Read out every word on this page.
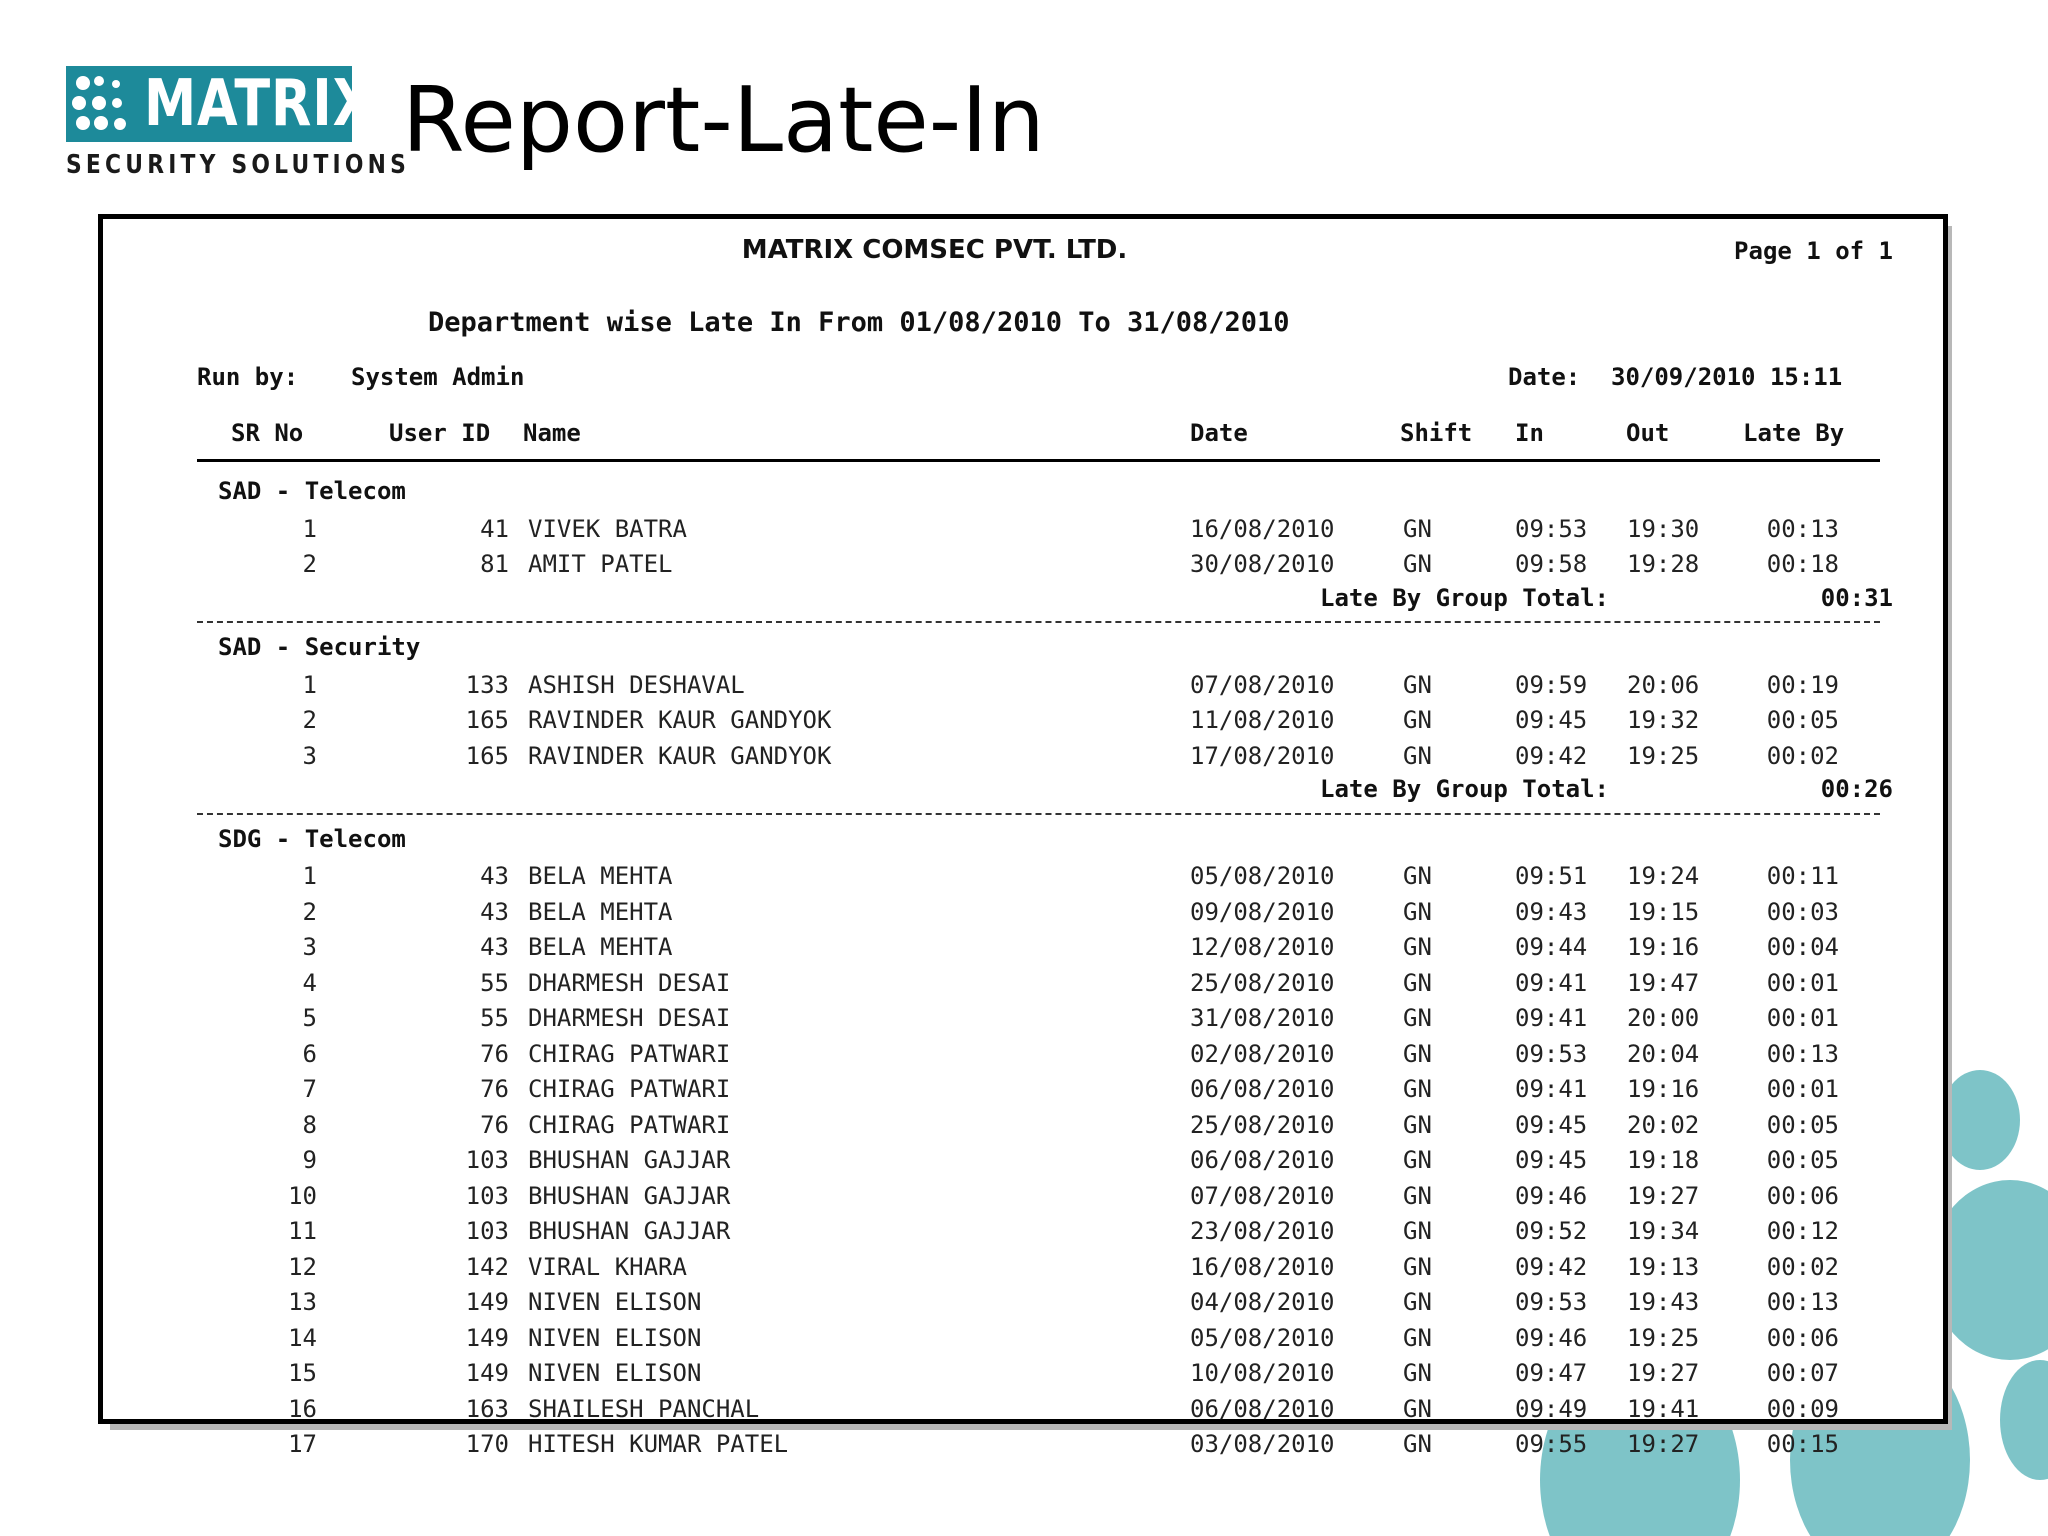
MATRIX
SECURITY SOLUTIONS
Report-Late-In
MATRIX COMSEC PVT. LTD.	Page 1 of 1
Department wise Late In From 01/08/2010 To 31/08/2010
Run by: System Admin	Date: 30/09/2010 15:11
SR No	User ID Name	Date	Shift In	Out	Late By
SAD - Telecom
1	41 VIVEK BATRA	16/08/2010	GN	09:53	19:30	00:13
2	81 AMIT PATEL	30/08/2010	GN	09:58	19:28	00:18
Late By Group Total:	00:31
SAD - Security
1	133 ASHISH DESHAVAL	07/08/2010	GN	09:59	20:06	00:19
2	165 RAVINDER KAUR GANDYOK	11/08/2010	GN	09:45	19:32	00:05
3	165 RAVINDER KAUR GANDYOK	17/08/2010	GN	09:42	19:25	00:02
Late By Group Total:	00:26
SDG - Telecom
1	43 BELA MEHTA	05/08/2010	GN	09:51	19:24	00:11
2	43 BELA MEHTA	09/08/2010	GN	09:43	19:15	00:03
3	43 BELA MEHTA	12/08/2010	GN	09:44	19:16	00:04
4	55 DHARMESH DESAI	25/08/2010	GN	09:41	19:47	00:01
5	55 DHARMESH DESAI	31/08/2010	GN	09:41	20:00	00:01
6	76 CHIRAG PATWARI	02/08/2010	GN	09:53	20:04	00:13
7	76 CHIRAG PATWARI	06/08/2010	GN	09:41	19:16	00:01
8	76 CHIRAG PATWARI	25/08/2010	GN	09:45	20:02	00:05
9	103 BHUSHAN GAJJAR	06/08/2010	GN	09:45	19:18	00:05
10	103 BHUSHAN GAJJAR	07/08/2010	GN	09:46	19:27	00:06
11	103 BHUSHAN GAJJAR	23/08/2010	GN	09:52	19:34	00:12
12	142 VIRAL KHARA	16/08/2010	GN	09:42	19:13	00:02
13	149 NIVEN ELISON	04/08/2010	GN	09:53	19:43	00:13
14	149 NIVEN ELISON	05/08/2010	GN	09:46	19:25	00:06
15	149 NIVEN ELISON	10/08/2010	GN	09:47	19:27	00:07
16	163 SHAILESH PANCHAL	06/08/2010	GN	09:49	19:41	00:09
17	170 HITESH KUMAR PATEL	03/08/2010	GN	09:55	19:27	00:15
